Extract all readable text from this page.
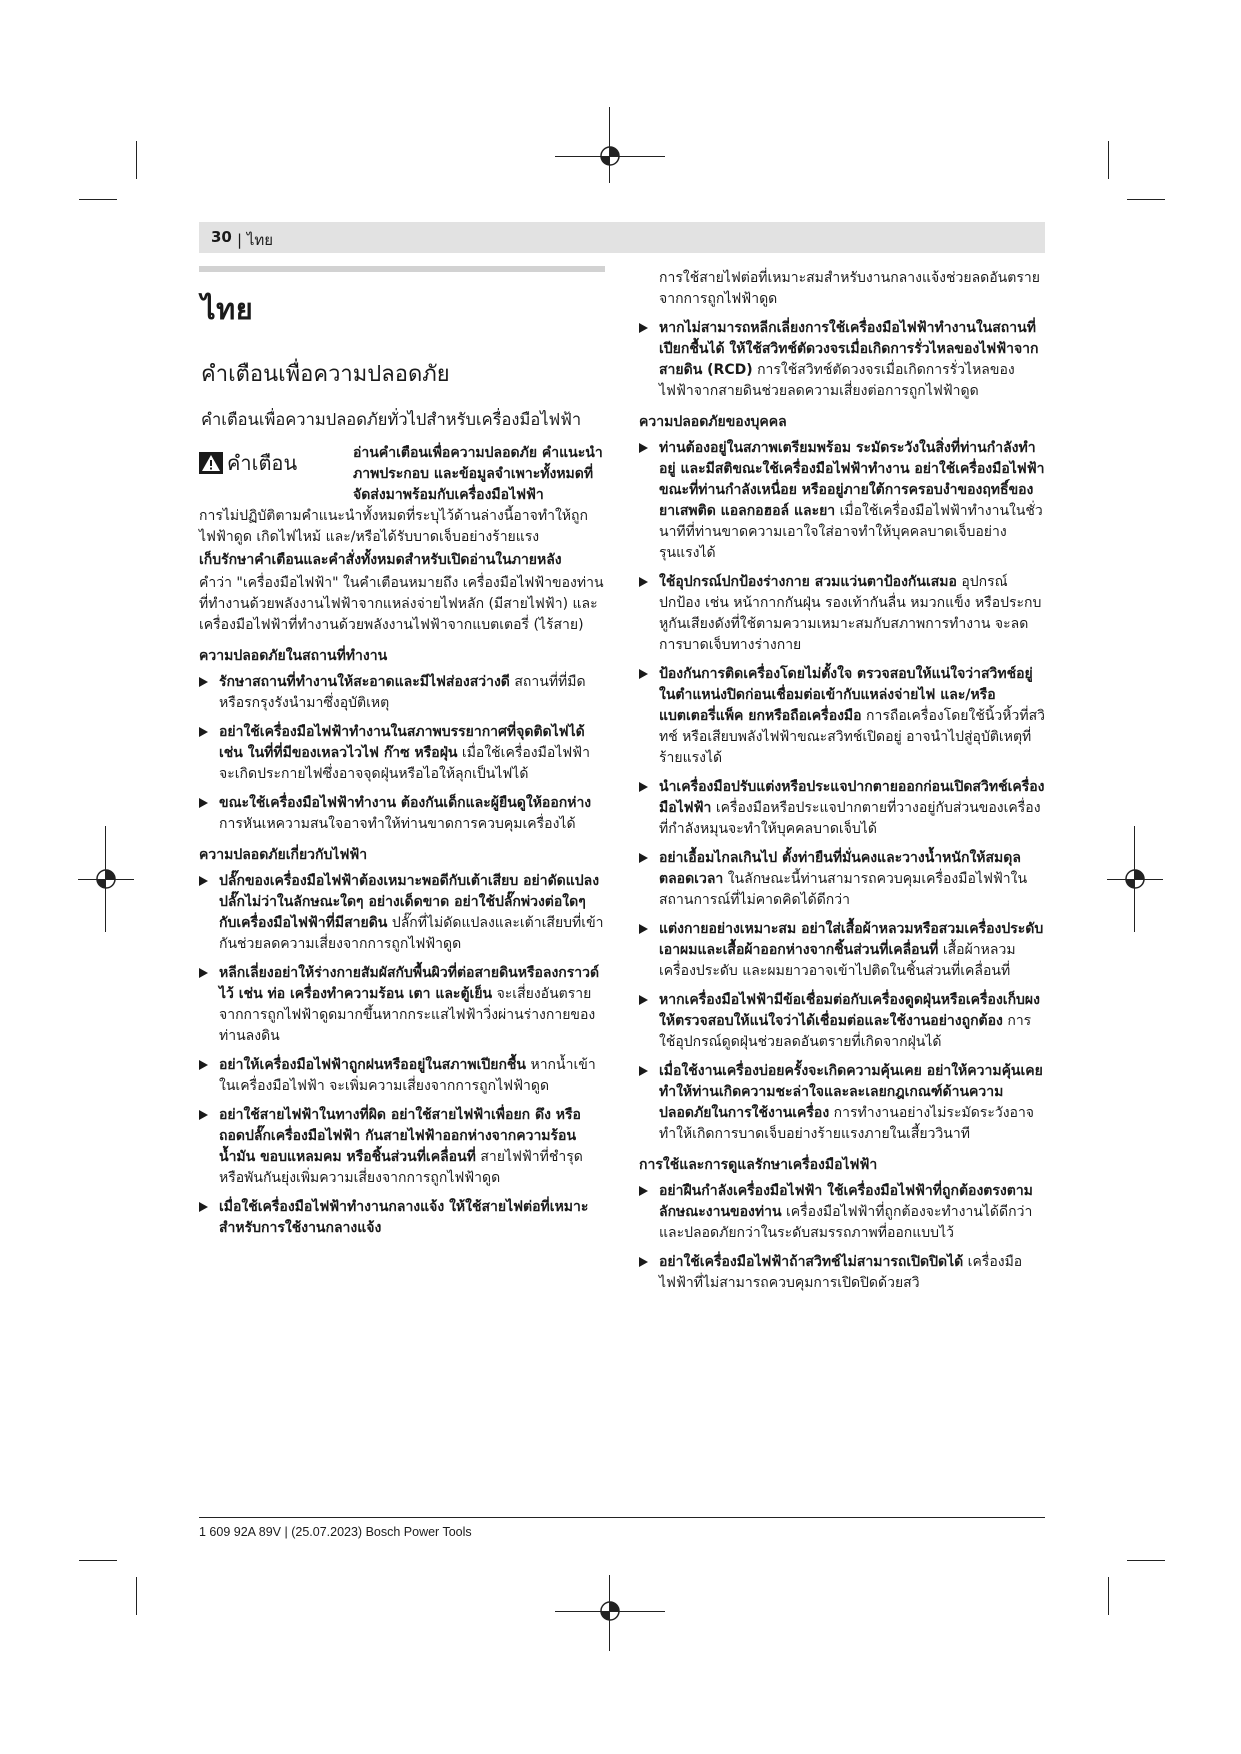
30 | ไทย
ไทย
คำเตือนเพื่อความปลอดภัย
คำเตือนเพื่อความปลอดภัยทั่วไปสำหรับเครื่องมือไฟฟ้า
คำเตือน	อ่านคำเตือนเพื่อความปลอดภัย คำแนะนำ ภาพประกอบ และข้อมูลจำเพาะทั้งหมดที่จัดส่งมาพร้อมกับเครื่องมือไฟฟ้า

การไม่ปฏิบัติตามคำแนะนำทั้งหมดที่ระบุไว้ด้านล่างนี้อาจทำให้ถูกไฟฟ้าดูด เกิดไฟไหม้ และ/หรือได้รับบาดเจ็บอย่างร้ายแรง

เก็บรักษาคำเตือนและคำสั่งทั้งหมดสำหรับเปิดอ่านในภายหลัง

คำว่า "เครื่องมือไฟฟ้า" ในคำเตือนหมายถึง เครื่องมือไฟฟ้าของท่านที่ทำงานด้วยพลังงานไฟฟ้าจากแหล่งจ่ายไฟหลัก (มีสายไฟฟ้า) และเครื่องมือไฟฟ้าที่ทำงานด้วยพลังงานไฟฟ้าจากแบตเตอรี่ (ไร้สาย)

ความปลอดภัยในสถานที่ทำงาน
รักษาสถานที่ทำงานให้สะอาดและมีไฟส่องสว่างดี สถานที่ที่มืดหรือรกรุงรังนำมาซึ่งอุบัติเหตุ
อย่าใช้เครื่องมือไฟฟ้าทำงานในสภาพบรรยากาศที่จุดติดไฟได้ เช่น ในที่ที่มีของเหลวไวไฟ ก๊าซ หรือฝุ่น เมื่อใช้เครื่องมือไฟฟ้าจะเกิดประกายไฟซึ่งอาจจุดฝุ่นหรือไอให้ลุกเป็นไฟได้
ขณะใช้เครื่องมือไฟฟ้าทำงาน ต้องกันเด็กและผู้ยืนดูให้ออกห่าง การหันเหความสนใจอาจทำให้ท่านขาดการควบคุมเครื่องได้
ความปลอดภัยเกี่ยวกับไฟฟ้า
ปลั๊กของเครื่องมือไฟฟ้าต้องเหมาะพอดีกับเต้าเสียบ อย่าดัดแปลงปลั๊กไม่ว่าในลักษณะใดๆ อย่างเด็ดขาด อย่าใช้ปลั๊กพ่วงต่อใดๆ กับเครื่องมือไฟฟ้าที่มีสายดิน ปลั๊กที่ไม่ดัดแปลงและเต้าเสียบที่เข้ากันช่วยลดความเสี่ยงจากการถูกไฟฟ้าดูด
หลีกเลี่ยงอย่าให้ร่างกายสัมผัสกับพื้นผิวที่ต่อสายดินหรือลงกราวด์ไว้ เช่น ท่อ เครื่องทำความร้อน เตา และตู้เย็น จะเสี่ยงอันตรายจากการถูกไฟฟ้าดูดมากขึ้นหากกระแสไฟฟ้าวิ่งผ่านร่างกายของท่านลงดิน
อย่าให้เครื่องมือไฟฟ้าถูกฝนหรืออยู่ในสภาพเปียกชื้น หากน้ำเข้าในเครื่องมือไฟฟ้า จะเพิ่มความเสี่ยงจากการถูกไฟฟ้าดูด
อย่าใช้สายไฟฟ้าในทางที่ผิด อย่าใช้สายไฟฟ้าเพื่อยก ดึง หรือถอดปลั๊กเครื่องมือไฟฟ้า กันสายไฟฟ้าออกห่างจากความร้อน น้ำมัน ขอบแหลมคม หรือชิ้นส่วนที่เคลื่อนที่ สายไฟฟ้าที่ชำรุดหรือพันกันยุ่งเพิ่มความเสี่ยงจากการถูกไฟฟ้าดูด
เมื่อใช้เครื่องมือไฟฟ้าทำงานกลางแจ้ง ให้ใช้สายไฟต่อที่เหมาะสำหรับการใช้งานกลางแจ้ง
การใช้สายไฟต่อที่เหมาะสมสำหรับงานกลางแจ้งช่วยลดอันตรายจากการถูกไฟฟ้าดูด
หากไม่สามารถหลีกเลี่ยงการใช้เครื่องมือไฟฟ้าทำงานในสถานที่เปียกชื้นได้ ให้ใช้สวิทช์ตัดวงจรเมื่อเกิดการรั่วไหลของไฟฟ้าจากสายดิน (RCD) การใช้สวิทช์ตัดวงจรเมื่อเกิดการรั่วไหลของไฟฟ้าจากสายดินช่วยลดความเสี่ยงต่อการถูกไฟฟ้าดูด
ความปลอดภัยของบุคคล
ท่านต้องอยู่ในสภาพเตรียมพร้อม ระมัดระวังในสิ่งที่ท่านกำลังทำอยู่ และมีสติขณะใช้เครื่องมือไฟฟ้าทำงาน อย่าใช้เครื่องมือไฟฟ้าขณะที่ท่านกำลังเหนื่อย หรืออยู่ภายใต้การครอบงำของฤทธิ์ของยาเสพติด แอลกอฮอล์ และยา เมื่อใช้เครื่องมือไฟฟ้าทำงานในชั่วนาทีที่ท่านขาดความเอาใจใส่อาจทำให้บุคคลบาดเจ็บอย่างรุนแรงได้
ใช้อุปกรณ์ปกป้องร่างกาย สวมแว่นตาป้องกันเสมอ อุปกรณ์ปกป้อง เช่น หน้ากากกันฝุ่น รองเท้ากันลื่น หมวกแข็ง หรือประกบหูกันเสียงดังที่ใช้ตามความเหมาะสมกับสภาพการทำงาน จะลดการบาดเจ็บทางร่างกาย
ป้องกันการติดเครื่องโดยไม่ตั้งใจ ตรวจสอบให้แน่ใจว่าสวิทช์อยู่ในตำแหน่งปิดก่อนเชื่อมต่อเข้ากับแหล่งจ่ายไฟ และ/หรือแบตเตอรี่แพ็ค ยกหรือถือเครื่องมือ การถือเครื่องโดยใช้นิ้วหิ้วที่สวิทช์ หรือเสียบพลังไฟฟ้าขณะสวิทช์เปิดอยู่ อาจนำไปสู่อุบัติเหตุที่ร้ายแรงได้
นำเครื่องมือปรับแต่งหรือประแจปากตายออกก่อนเปิดสวิทช์เครื่องมือไฟฟ้า เครื่องมือหรือประแจปากตายที่วางอยู่กับส่วนของเครื่องที่กำลังหมุนจะทำให้บุคคลบาดเจ็บได้
อย่าเอื้อมไกลเกินไป ตั้งท่ายืนที่มั่นคงและวางน้ำหนักให้สมดุลตลอดเวลา ในลักษณะนี้ท่านสามารถควบคุมเครื่องมือไฟฟ้าในสถานการณ์ที่ไม่คาดคิดได้ดีกว่า
แต่งกายอย่างเหมาะสม อย่าใส่เสื้อผ้าหลวมหรือสวมเครื่องประดับ เอาผมและเสื้อผ้าออกห่างจากชิ้นส่วนที่เคลื่อนที่ เสื้อผ้าหลวม เครื่องประดับ และผมยาวอาจเข้าไปติดในชิ้นส่วนที่เคลื่อนที่
หากเครื่องมือไฟฟ้ามีข้อเชื่อมต่อกับเครื่องดูดฝุ่นหรือเครื่องเก็บผง ให้ตรวจสอบให้แน่ใจว่าได้เชื่อมต่อและใช้งานอย่างถูกต้อง การใช้อุปกรณ์ดูดฝุ่นช่วยลดอันตรายที่เกิดจากฝุ่นได้
เมื่อใช้งานเครื่องบ่อยครั้งจะเกิดความคุ้นเคย อย่าให้ความคุ้นเคยทำให้ท่านเกิดความชะล่าใจและละเลยกฎเกณฑ์ด้านความปลอดภัยในการใช้งานเครื่อง การทำงานอย่างไม่ระมัดระวังอาจทำให้เกิดการบาดเจ็บอย่างร้ายแรงภายในเสี้ยววินาที
การใช้และการดูแลรักษาเครื่องมือไฟฟ้า
อย่าฝืนกำลังเครื่องมือไฟฟ้า ใช้เครื่องมือไฟฟ้าที่ถูกต้องตรงตามลักษณะงานของท่าน เครื่องมือไฟฟ้าที่ถูกต้องจะทำงานได้ดีกว่าและปลอดภัยกว่าในระดับสมรรถภาพที่ออกแบบไว้
อย่าใช้เครื่องมือไฟฟ้าถ้าสวิทช์ไม่สามารถเปิดปิดได้ เครื่องมือไฟฟ้าที่ไม่สามารถควบคุมการเปิดปิดด้วยสวิ
1 609 92A 89V | (25.07.2023) Bosch Power Tools
